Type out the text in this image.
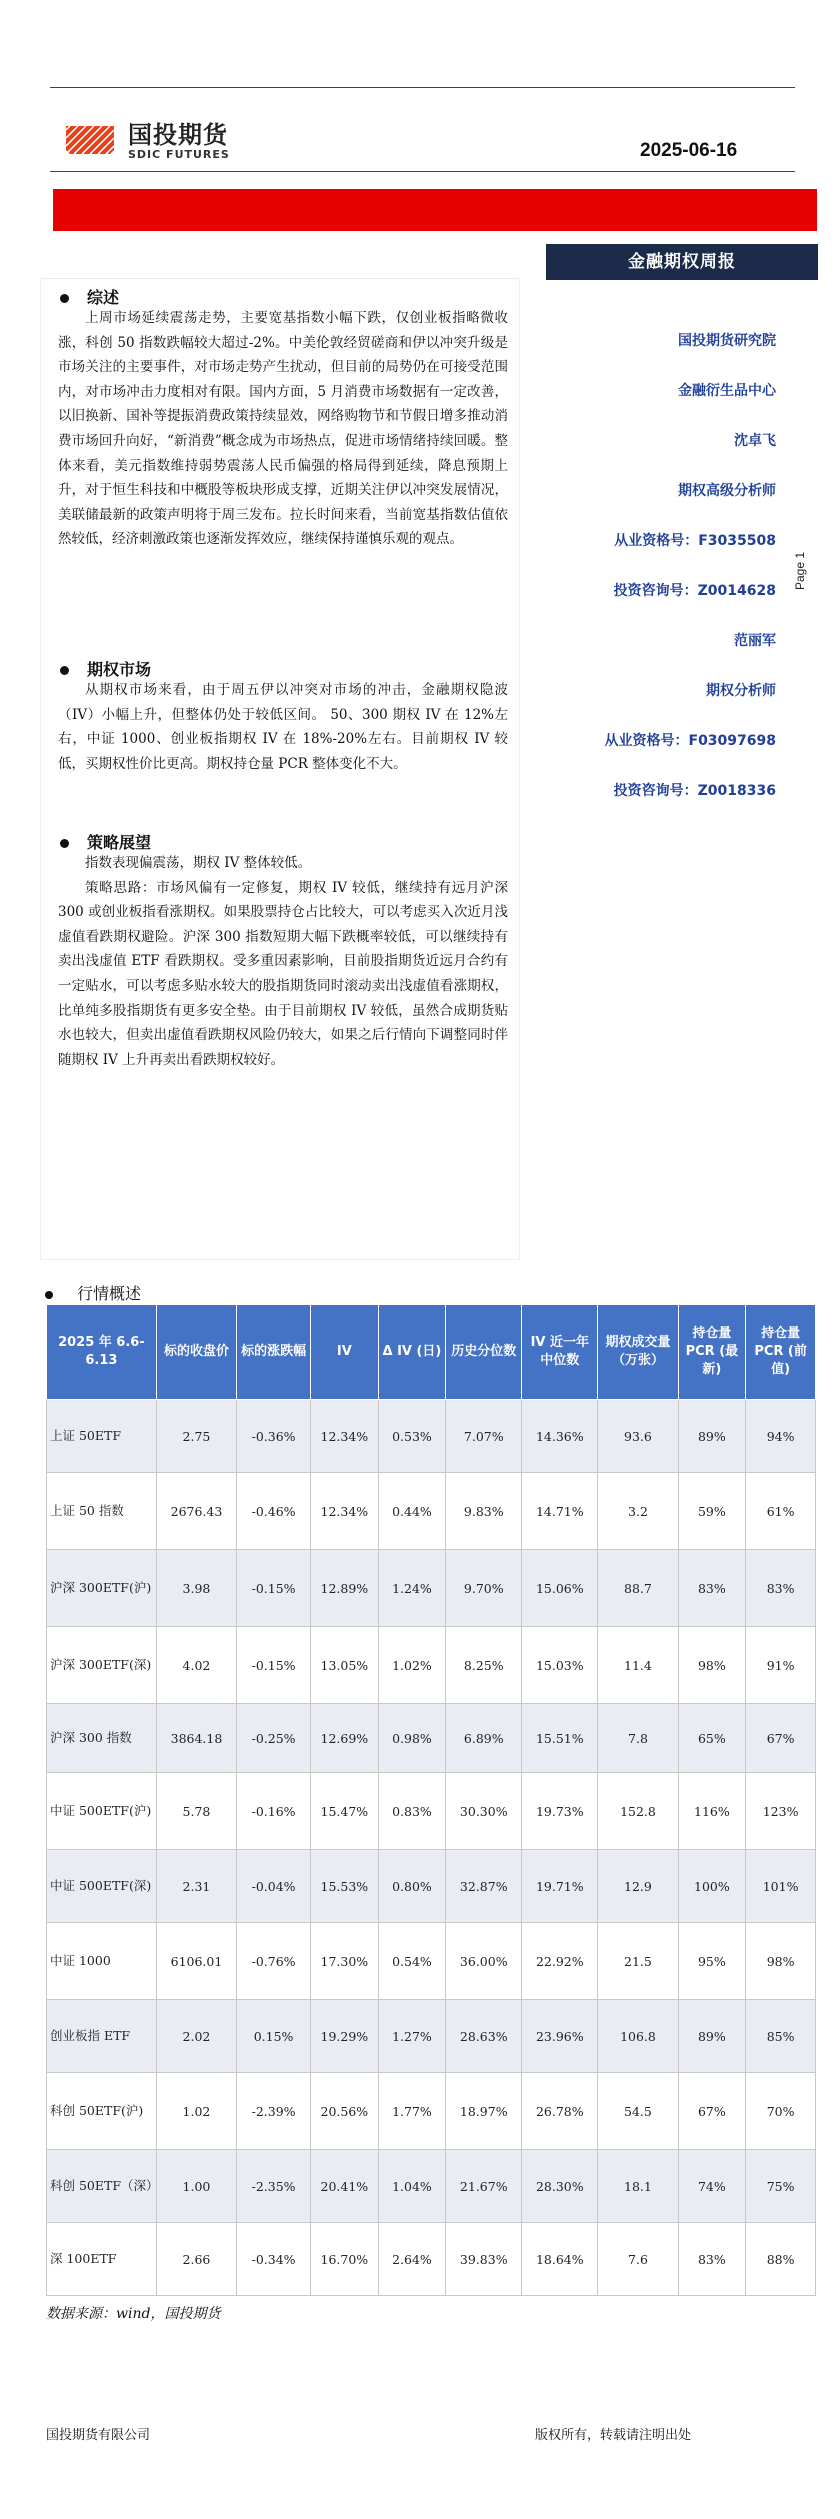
国投期货
SDIC FUTURES	2025-06-16
金融期权周报
综述

上周市场延续震荡走势，主要宽基指数小幅下跌，仅创业板指略微收涨，科创 50 指数跌幅较大超过-2%。中美伦敦经贸磋商和伊以冲突升级是市场关注的主要事件，对市场走势产生扰动，但目前的局势仍在可接受范围内，对市场冲击力度相对有限。国内方面，5 月消费市场数据有一定改善，以旧换新、国补等提振消费政策持续显效，网络购物节和节假日增多推动消费市场回升向好，“新消费”概念成为市场热点，促进市场情绪持续回暖。整体来看，美元指数维持弱势震荡人民币偏强的格局得到延续，降息预期上升，对于恒生科技和中概股等板块形成支撑，近期关注伊以冲突发展情况，美联储最新的政策声明将于周三发布。拉长时间来看，当前宽基指数估值依然较低，经济刺激政策也逐渐发挥效应，继续保持谨慎乐观的观点。

期权市场

从期权市场来看，由于周五伊以冲突对市场的冲击，金融期权隐波（IV）小幅上升，但整体仍处于较低区间。 50、300 期权 IV 在 12%左右，中证 1000、创业板指期权 IV 在 18%-20%左右。目前期权 IV 较低，买期权性价比更高。期权持仓量 PCR 整体变化不大。

策略展望

指数表现偏震荡，期权 IV 整体较低。

策略思路：市场风偏有一定修复，期权 IV 较低，继续持有远月沪深 300 或创业板指看涨期权。如果股票持仓占比较大，可以考虑买入次近月浅虚值看跌期权避险。沪深 300 指数短期大幅下跌概率较低，可以继续持有卖出浅虚值 ETF 看跌期权。受多重因素影响，目前股指期货近远月合约有一定贴水，可以考虑多贴水较大的股指期货同时滚动卖出浅虚值看涨期权，比单纯多股指期货有更多安全垫。由于目前期权 IV 较低，虽然合成期货贴水也较大，但卖出虚值看跌期权风险仍较大，如果之后行情向下调整同时伴随期权 IV 上升再卖出看跌期权较好。

国投期货研究院
金融衍生品中心
沈卓飞
期权高级分析师
从业资格号：F3035508
投资咨询号：Z0014628
范丽军
期权分析师
从业资格号：F03097698
投资咨询号：Z0018336
Page 1
行情概述
2025 年 6.6-6.13	标的收盘价	标的涨跌幅	IV	Δ IV (日)	历史分位数	IV 近一年中位数	期权成交量（万张）	持仓量 PCR (最新)	持仓量 PCR (前值)
上证 50ETF	2.75	-0.36%	12.34%	0.53%	7.07%	14.36%	93.6	89%	94%
上证 50 指数	2676.43	-0.46%	12.34%	0.44%	9.83%	14.71%	3.2	59%	61%
沪深 300ETF(沪)	3.98	-0.15%	12.89%	1.24%	9.70%	15.06%	88.7	83%	83%
沪深 300ETF(深)	4.02	-0.15%	13.05%	1.02%	8.25%	15.03%	11.4	98%	91%
沪深 300 指数	3864.18	-0.25%	12.69%	0.98%	6.89%	15.51%	7.8	65%	67%
中证 500ETF(沪)	5.78	-0.16%	15.47%	0.83%	30.30%	19.73%	152.8	116%	123%
中证 500ETF(深)	2.31	-0.04%	15.53%	0.80%	32.87%	19.71%	12.9	100%	101%
中证 1000	6106.01	-0.76%	17.30%	0.54%	36.00%	22.92%	21.5	95%	98%
创业板指 ETF	2.02	0.15%	19.29%	1.27%	28.63%	23.96%	106.8	89%	85%
科创 50ETF(沪)	1.02	-2.39%	20.56%	1.77%	18.97%	26.78%	54.5	67%	70%
科创 50ETF（深）	1.00	-2.35%	20.41%	1.04%	21.67%	28.30%	18.1	74%	75%
深 100ETF	2.66	-0.34%	16.70%	2.64%	39.83%	18.64%	7.6	83%	88%
数据来源：wind，国投期货
国投期货有限公司	版权所有，转载请注明出处
